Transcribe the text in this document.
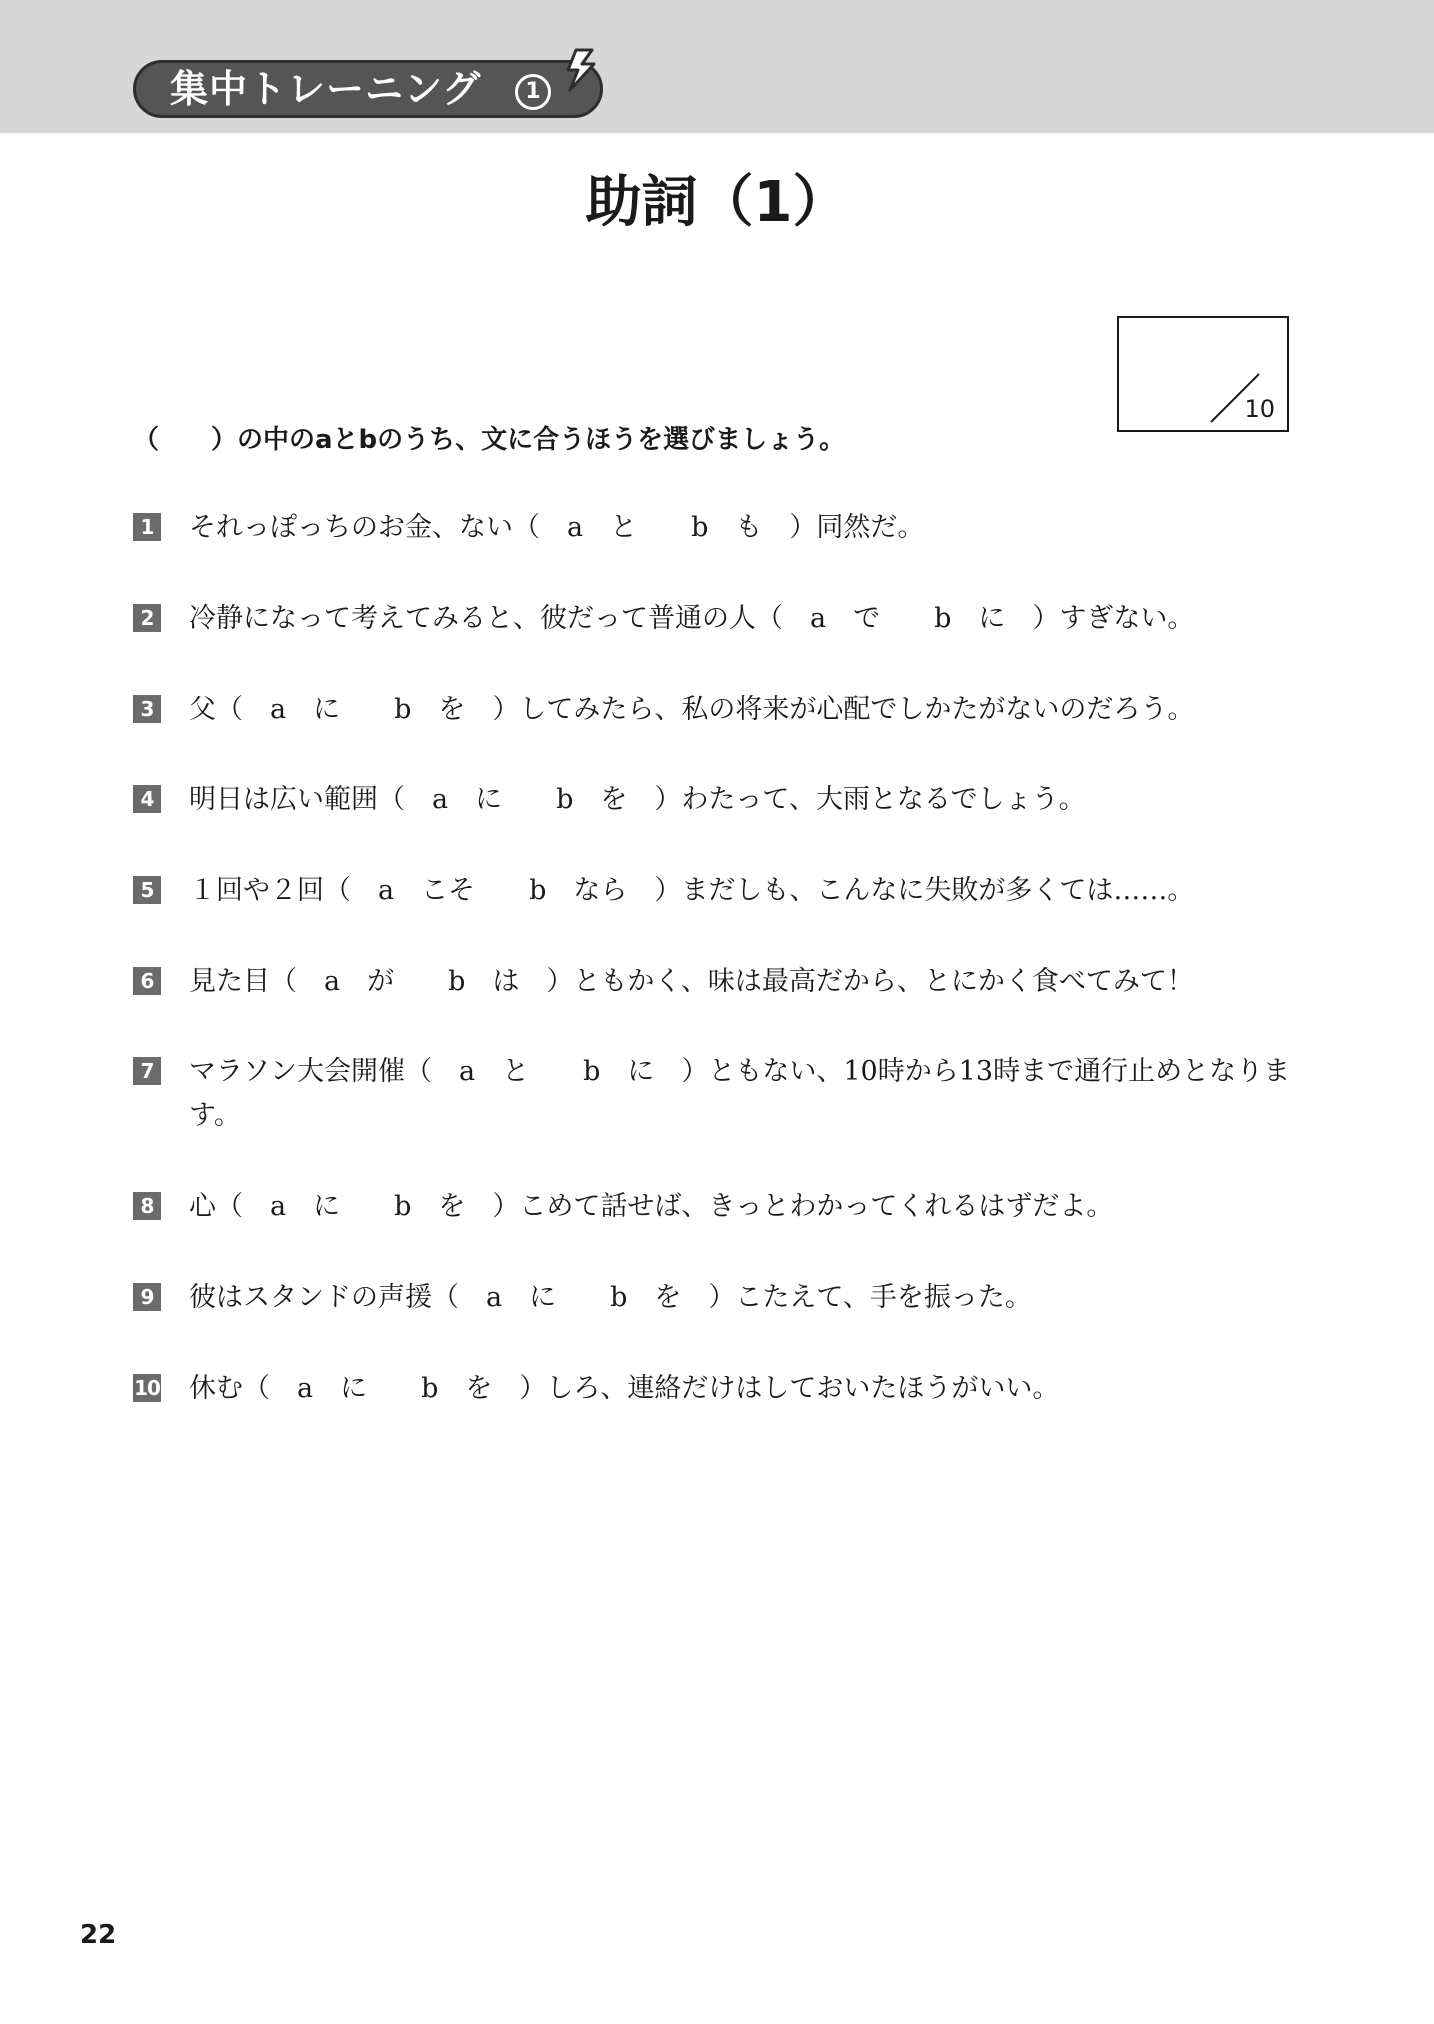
集中トレーニング	1
助詞（1）
10
（　　）の中のaとbのうち、文に合うほうを選びましょう。
1 それっぽっちのお金、ない（　a　と　　b　も　）同然だ。
2 冷静になって考えてみると、彼だって普通の人（　a　で　　b　に　）すぎない。
3 父（　a　に　　b　を　）してみたら、私の将来が心配でしかたがないのだろう。
4 明日は広い範囲（　a　に　　b　を　）わたって、大雨となるでしょう。
5 １回や２回（　a　こそ　　b　なら　）まだしも、こんなに失敗が多くては……。
6 見た目（　a　が　　b　は　）ともかく、味は最高だから、とにかく食べてみて！
7 マラソン大会開催（　a　と　　b　に　）ともない、10時から13時まで通行止めとなります。
8 心（　a　に　　b　を　）こめて話せば、きっとわかってくれるはずだよ。
9 彼はスタンドの声援（　a　に　　b　を　）こたえて、手を振った。
10 休む（　a　に　　b　を　）しろ、連絡だけはしておいたほうがいい。
22
